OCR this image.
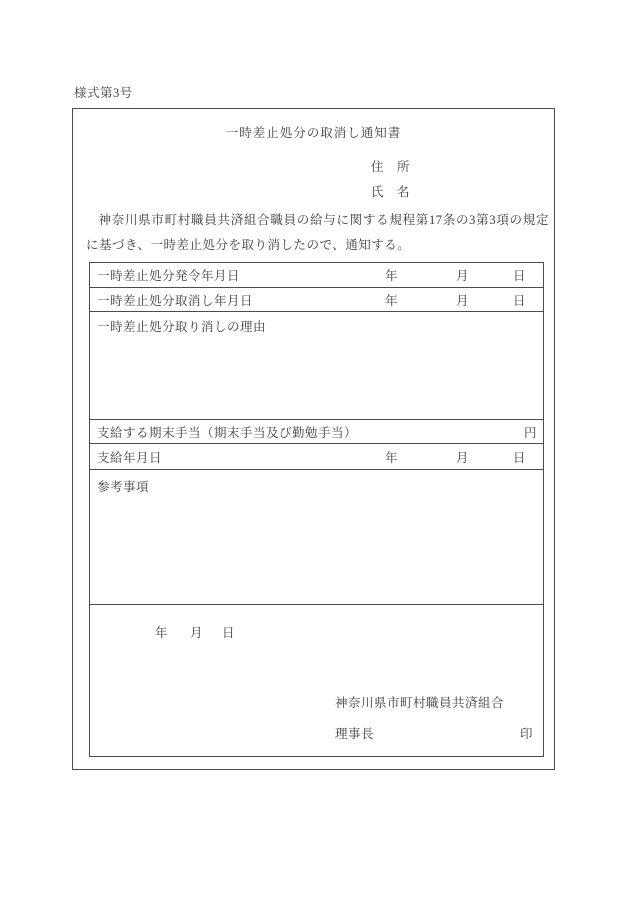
様式第3号
一時差止処分の取消し通知書
住　所
氏　名
神奈川県市町村職員共済組合職員の給与に関する規程第17条の3第3項の規定に基づき、一時差止処分を取り消したので、通知する。
一時差止処分発令年月日	年	月	日
一時差止処分取消し年月日	年	月	日
一時差止処分取り消しの理由
支給する期末手当（期末手当及び勤勉手当）	円
支給年月日	年	月	日
参考事項
年 月 日
神奈川県市町村職員共済組合
理事長	印
